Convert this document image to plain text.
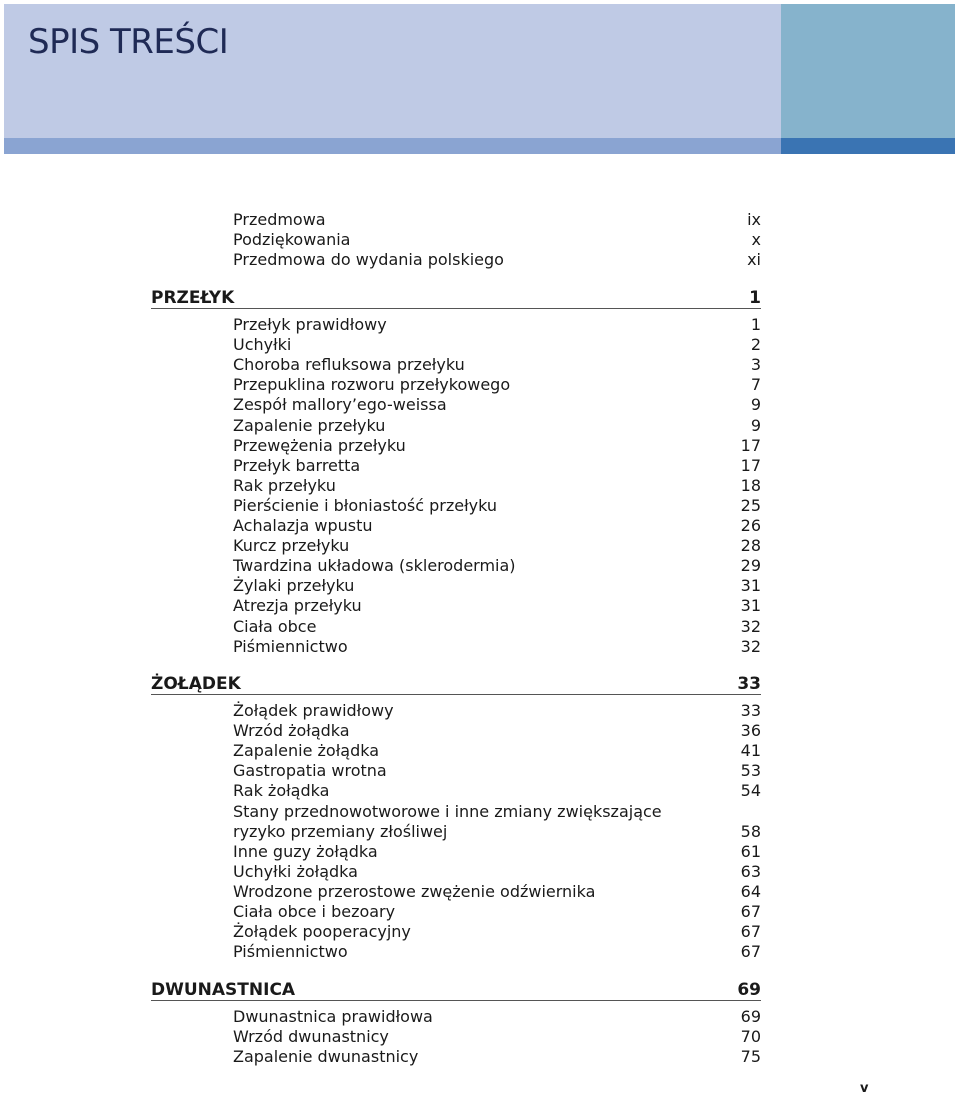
SPIS TREŚCI
Przedmowa	ix
Podziękowania	x
Przedmowa do wydania polskiego	xi
PRZEŁYK	1
Przełyk prawidłowy	1
Uchyłki	2
Choroba refluksowa przełyku	3
Przepuklina rozworu przełykowego	7
Zespół mallory’ego-weissa	9
Zapalenie przełyku	9
Przewężenia przełyku	17
Przełyk barretta	17
Rak przełyku	18
Pierścienie i błoniastość przełyku	25
Achalazja wpustu	26
Kurcz przełyku	28
Twardzina układowa (sklerodermia)	29
Żylaki przełyku	31
Atrezja przełyku	31
Ciała obce	32
Piśmiennictwo	32
ŻOŁĄDEK	33
Żołądek prawidłowy	33
Wrzód żołądka	36
Zapalenie żołądka	41
Gastropatia wrotna	53
Rak żołądka	54
Stany przednowotworowe i inne zmiany zwiększające
ryzyko przemiany złośliwej	58
Inne guzy żołądka	61
Uchyłki żołądka	63
Wrodzone przerostowe zwężenie odźwiernika	64
Ciała obce i bezoary	67
Żołądek pooperacyjny	67
Piśmiennictwo	67
DWUNASTNICA	69
Dwunastnica prawidłowa	69
Wrzód dwunastnicy	70
Zapalenie dwunastnicy	75
v
